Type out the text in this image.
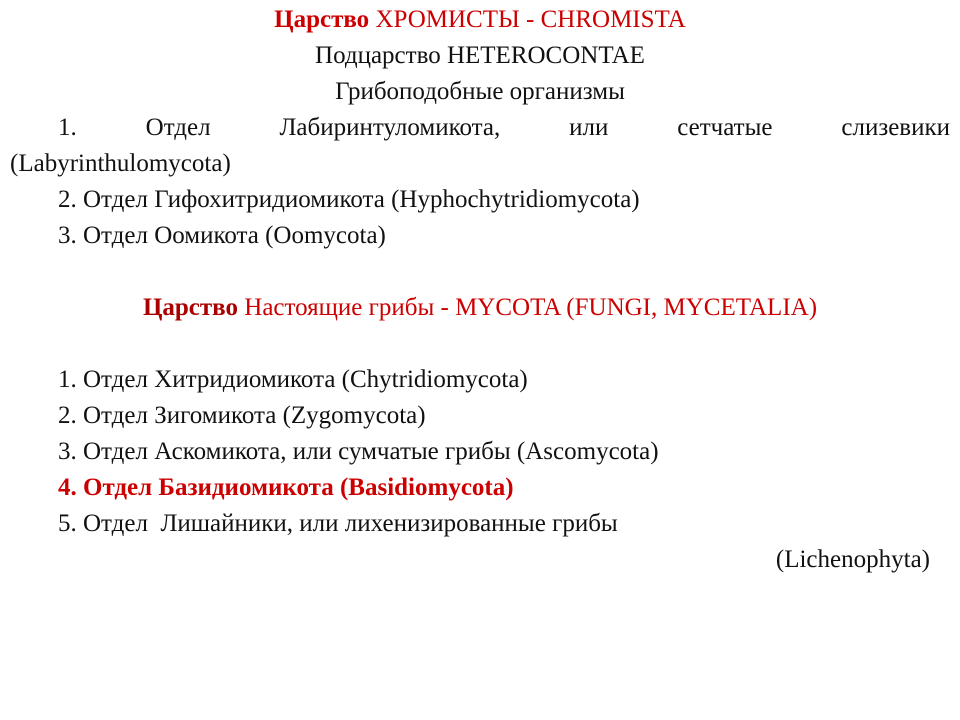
Царство ХРОМИСТЫ - CHROMISTA
Подцарство HETEROCONTAE
Грибоподобные организмы
1. Отдел Лабиринтуломикота, или сетчатые слизевики
(Labyrinthulomycota)
2. Отдел Гифохитридиомикота (Hyphochytridiomycota)
3. Отдел Оомикота (Oomycota)
Царство Настоящие грибы - MYCOTA (FUNGI, MYCETALIA)
1. Отдел Хитридиомикота (Chytridiomycota)
2. Отдел Зигомикота (Zygomycota)
3. Отдел Аскомикота, или сумчатые грибы (Ascomycota)
4. Отдел Базидиомикота (Basidiomycota)
5. Отдел  Лишайники, или лихенизированные грибы
(Lichenophyta)
